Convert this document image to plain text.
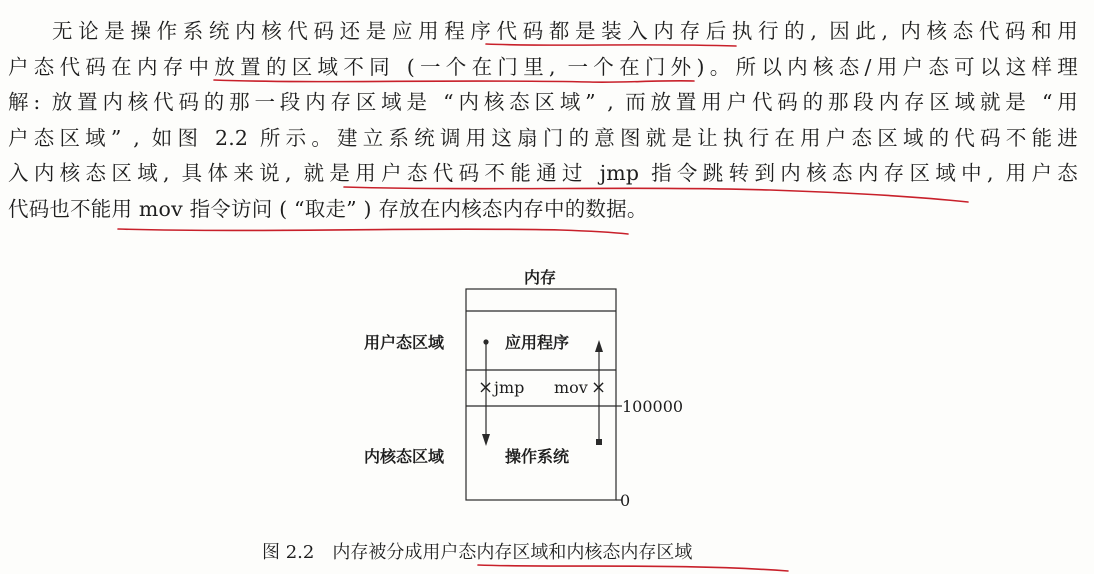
无论是操作系统内核代码还是应用程序代码都是装入内存后执行的, 因此, 内核态代码和用
户态代码在内存中放置的区域不同 (一个在门里, 一个在门外)。所以内核态/用户态可以这样理
解: 放置内核代码的那一段内存区域是 “内核态区域” , 而放置用户代码的那段内存区域就是 “用
户态区域” , 如图 2.2 所示。建立系统调用这扇门的意图就是让执行在用户态区域的代码不能进
入内核态区域, 具体来说, 就是用户态代码不能通过 jmp 指令跳转到内核态内存区域中, 用户态
代码也不能用 mov 指令访问 ( “取走” ) 存放在内核态内存中的数据。
内存
用户态区域
内核态区域
应用程序
操作系统
× jmp mov ×
100000
0
图 2.2 内存被分成用户态内存区域和内核态内存区域
